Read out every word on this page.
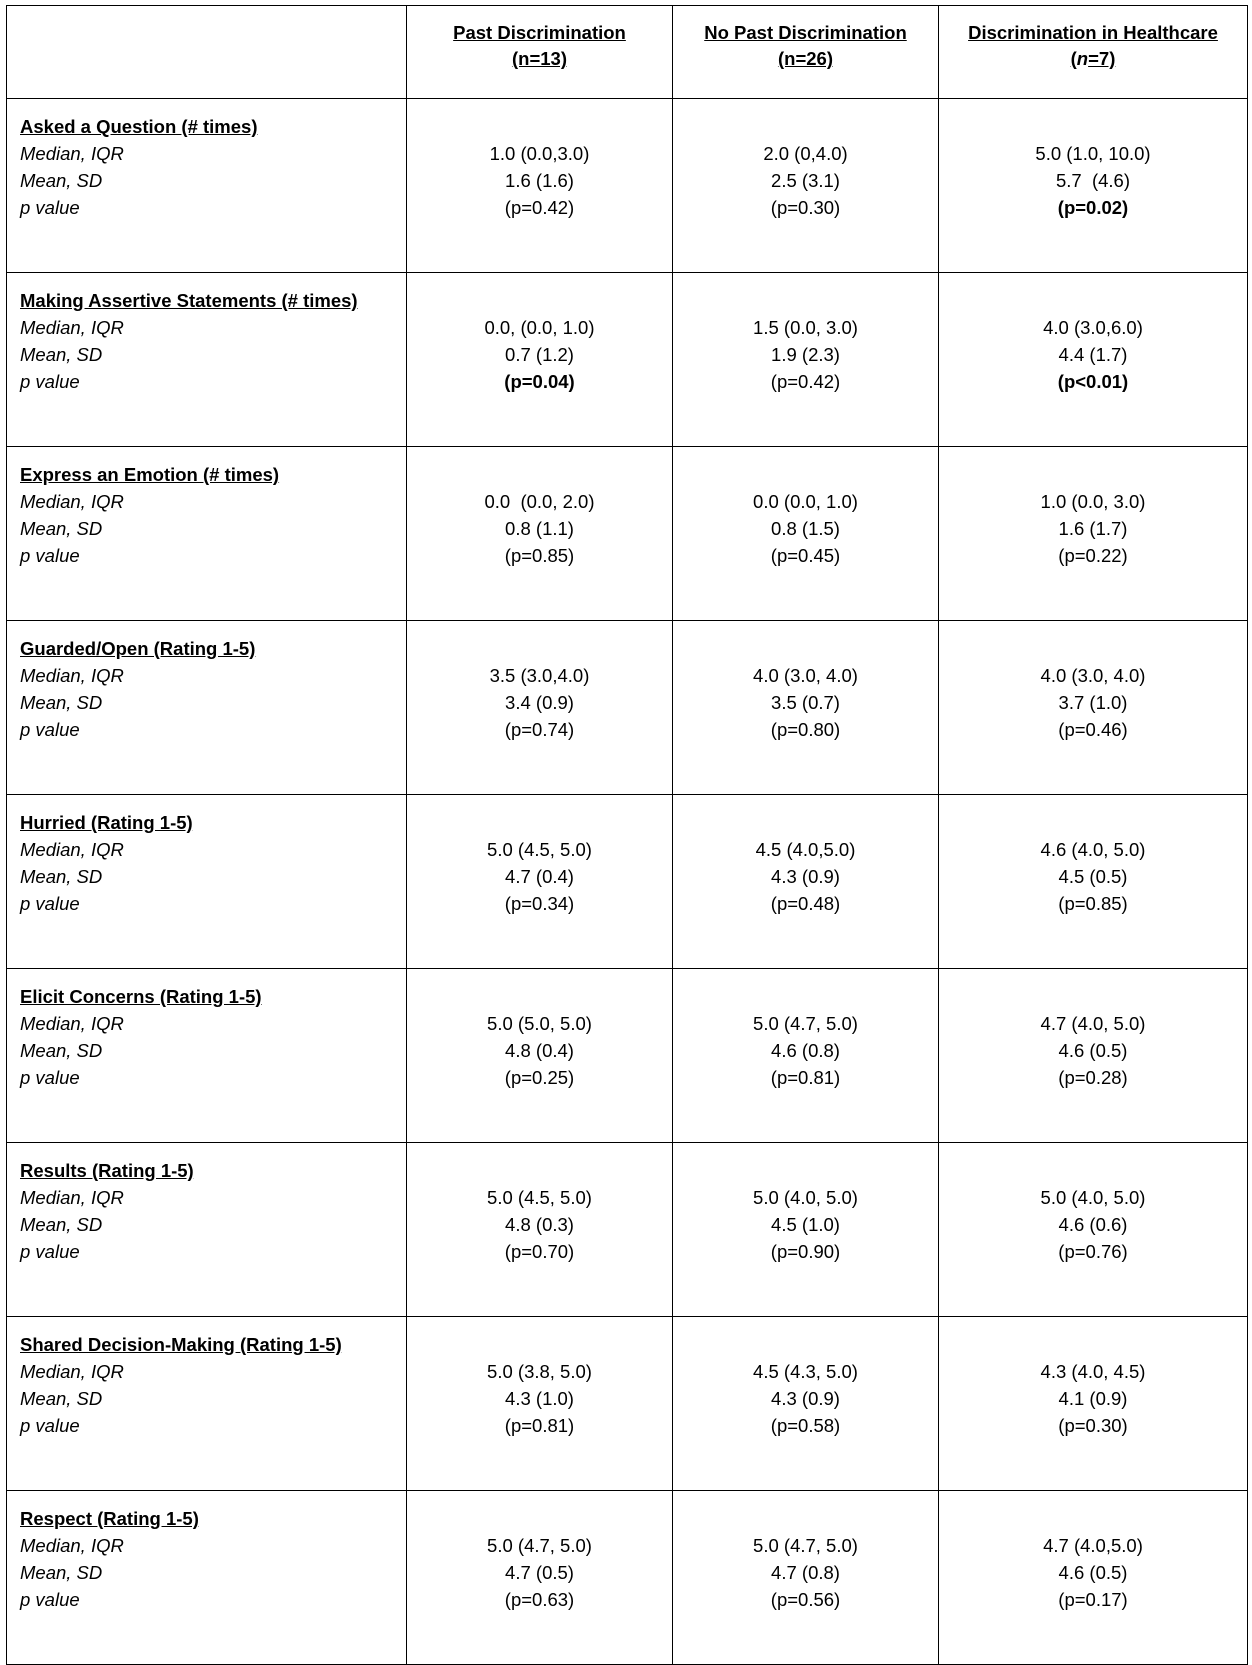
	Past Discrimination
(n=13)	No Past Discrimination
(n=26)	Discrimination in Healthcare
(n=7)

Asked a Question (# times)
Median, IQR
Mean, SD
p value	1.0 (0.0,3.0)
1.6 (1.6)
(p=0.42)	2.0 (0,4.0)
2.5 (3.1)
(p=0.30)	5.0 (1.0, 10.0)
5.7  (4.6)
(p=0.02)

Making Assertive Statements (# times)
Median, IQR
Mean, SD
p value	0.0, (0.0, 1.0)
0.7 (1.2)
(p=0.04)	1.5 (0.0, 3.0)
1.9 (2.3)
(p=0.42)	4.0 (3.0,6.0)
4.4 (1.7)
(p<0.01)

Express an Emotion (# times)
Median, IQR
Mean, SD
p value	0.0  (0.0, 2.0)
0.8 (1.1)
(p=0.85)	0.0 (0.0, 1.0)
0.8 (1.5)
(p=0.45)	1.0 (0.0, 3.0)
1.6 (1.7)
(p=0.22)

Guarded/Open (Rating 1-5)
Median, IQR
Mean, SD
p value	3.5 (3.0,4.0)
3.4 (0.9)
(p=0.74)	4.0 (3.0, 4.0)
3.5 (0.7)
(p=0.80)	4.0 (3.0, 4.0)
3.7 (1.0)
(p=0.46)

Hurried (Rating 1-5)
Median, IQR
Mean, SD
p value	5.0 (4.5, 5.0)
4.7 (0.4)
(p=0.34)	4.5 (4.0,5.0)
4.3 (0.9)
(p=0.48)	4.6 (4.0, 5.0)
4.5 (0.5)
(p=0.85)

Elicit Concerns (Rating 1-5)
Median, IQR
Mean, SD
p value	5.0 (5.0, 5.0)
4.8 (0.4)
(p=0.25)	5.0 (4.7, 5.0)
4.6 (0.8)
(p=0.81)	4.7 (4.0, 5.0)
4.6 (0.5)
(p=0.28)

Results (Rating 1-5)
Median, IQR
Mean, SD
p value	5.0 (4.5, 5.0)
4.8 (0.3)
(p=0.70)	5.0 (4.0, 5.0)
4.5 (1.0)
(p=0.90)	5.0 (4.0, 5.0)
4.6 (0.6)
(p=0.76)

Shared Decision-Making (Rating 1-5)
Median, IQR
Mean, SD
p value	5.0 (3.8, 5.0)
4.3 (1.0)
(p=0.81)	4.5 (4.3, 5.0)
4.3 (0.9)
(p=0.58)	4.3 (4.0, 4.5)
4.1 (0.9)
(p=0.30)

Respect (Rating 1-5)
Median, IQR
Mean, SD
p value	5.0 (4.7, 5.0)
4.7 (0.5)
(p=0.63)	5.0 (4.7, 5.0)
4.7 (0.8)
(p=0.56)	4.7 (4.0,5.0)
4.6 (0.5)
(p=0.17)
